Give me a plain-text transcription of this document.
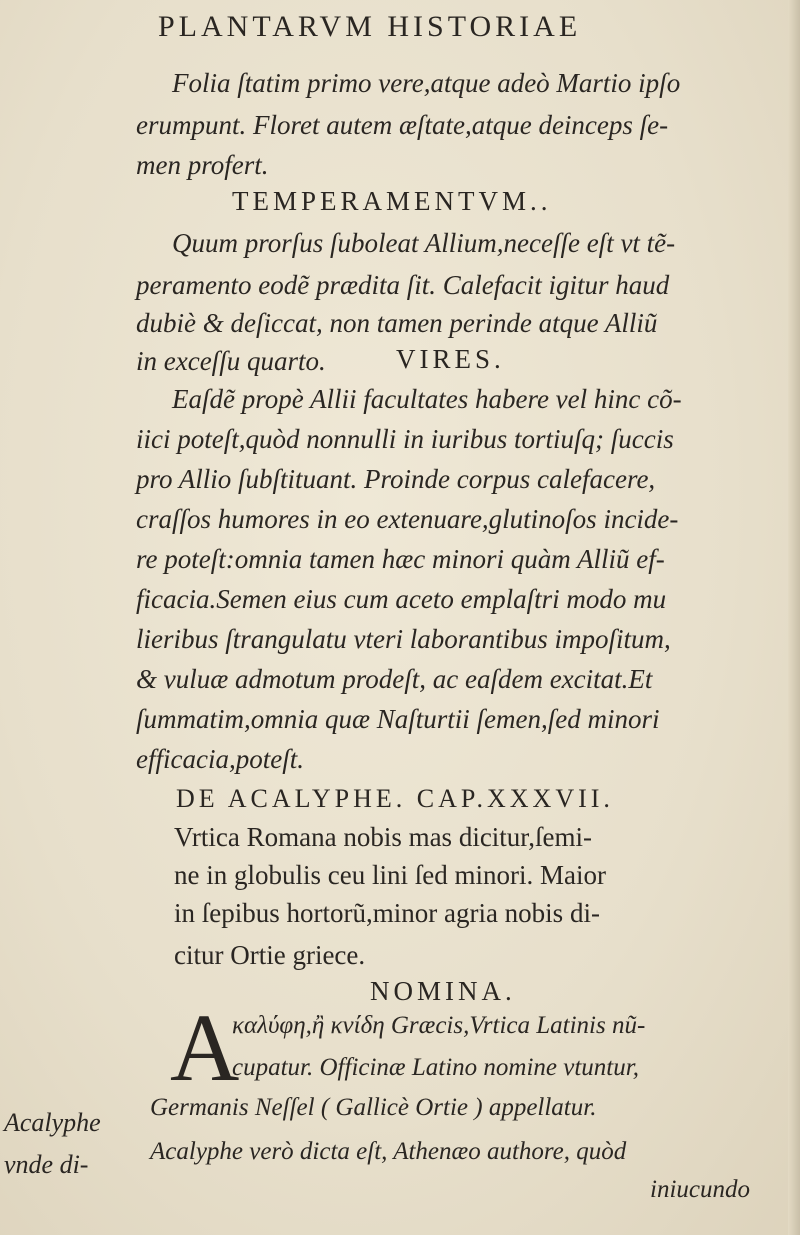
PLANTARVM HISTORIAE
Folia ſtatim primo vere,atque adeò Martio ipſo
erumpunt. Floret autem æſtate,atque deinceps ſe-
men profert.
TEMPERAMENTVM..
Quum prorſus ſuboleat Allium,neceſſe eſt vt tẽ-
peramento eodẽ prædita ſit. Calefacit igitur haud
dubiè & deſiccat, non tamen perinde atque Alliũ
in exceſſu quarto.	VIRES.
Eaſdẽ propè Allii facultates habere vel hinc cõ-
iici poteſt,quòd nonnulli in iuribus tortiuſq; ſuccis
pro Allio ſubſtituant. Proinde corpus calefacere,
craſſos humores in eo extenuare,glutinoſos incide-
re poteſt:omnia tamen hæc minori quàm Alliũ ef-
ficacia.Semen eius cum aceto emplaſtri modo mu
lieribus ſtrangulatu vteri laborantibus impoſitum,
& vuluæ admotum prodeſt, ac eaſdem excitat.Et
ſummatim,omnia quæ Naſturtii ſemen,ſed minori
efficacia,poteſt.
DE ACALYPHE. CAP.XXXVII.
Vrtica Romana nobis mas dicitur,ſemi-
ne in globulis ceu lini ſed minori. Maior
in ſepibus hortorũ,minor agria nobis di-
citur Ortie griece.
NOMINA.
A
καλύφη,ἢ κνίδη Græcis,Vrtica Latinis nũ-
cupatur. Officinæ Latino nomine vtuntur,
Germanis Neſſel ( Gallicè Ortie ) appellatur.
Acalyphe verò dicta eſt, Athenæo authore, quòd
iniucundo
Acalyphe
vnde di-
